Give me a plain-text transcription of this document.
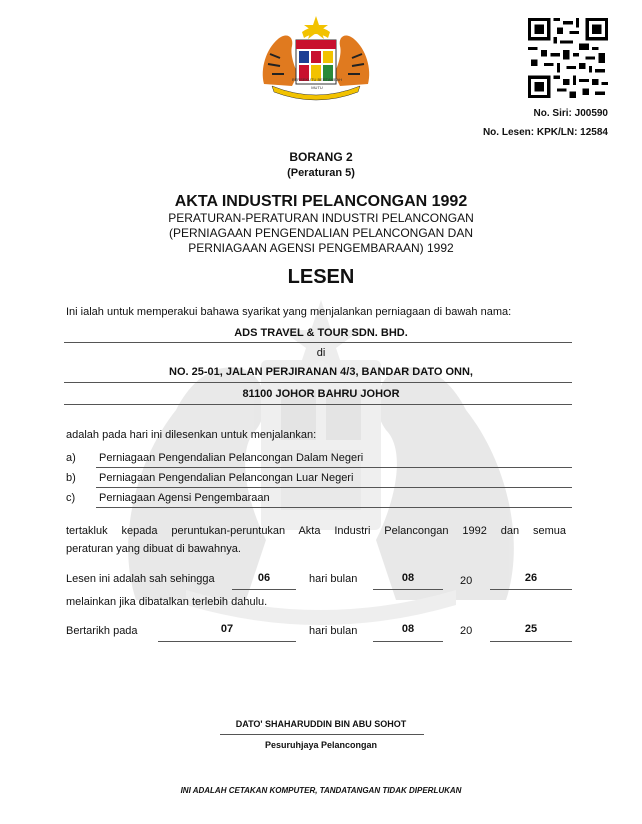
BERSEKUTU BERTAMBAH MUTU
No. Siri: J00590
No. Lesen: KPK/LN: 12584
BORANG 2
(Peraturan 5)
AKTA INDUSTRI PELANCONGAN 1992
PERATURAN-PERATURAN INDUSTRI PELANCONGAN
(PERNIAGAAN PENGENDALIAN PELANCONGAN DAN
PERNIAGAAN AGENSI PENGEMBARAAN) 1992
LESEN
Ini ialah untuk memperakui bahawa syarikat yang menjalankan perniagaan di bawah nama:
ADS TRAVEL & TOUR SDN. BHD.
di
NO. 25-01, JALAN PERJIRANAN 4/3, BANDAR DATO ONN,
81100 JOHOR BAHRU JOHOR
adalah pada hari ini dilesenkan untuk menjalankan:
a) Perniagaan Pengendalian Pelancongan Dalam Negeri
b) Perniagaan Pengendalian Pelancongan Luar Negeri
c) Perniagaan Agensi Pengembaraan
tertakluk kepada peruntukan-peruntukan Akta Industri Pelancongan 1992 dan semua
peraturan yang dibuat di bawahnya.
Lesen ini adalah sah sehingga	06	hari bulan	08	20	26
melainkan jika dibatalkan terlebih dahulu.
Bertarikh pada	07	hari bulan	08	20	25
DATO' SHAHARUDDIN BIN ABU SOHOT
Pesuruhjaya Pelancongan
INI ADALAH CETAKAN KOMPUTER, TANDATANGAN TIDAK DIPERLUKAN
